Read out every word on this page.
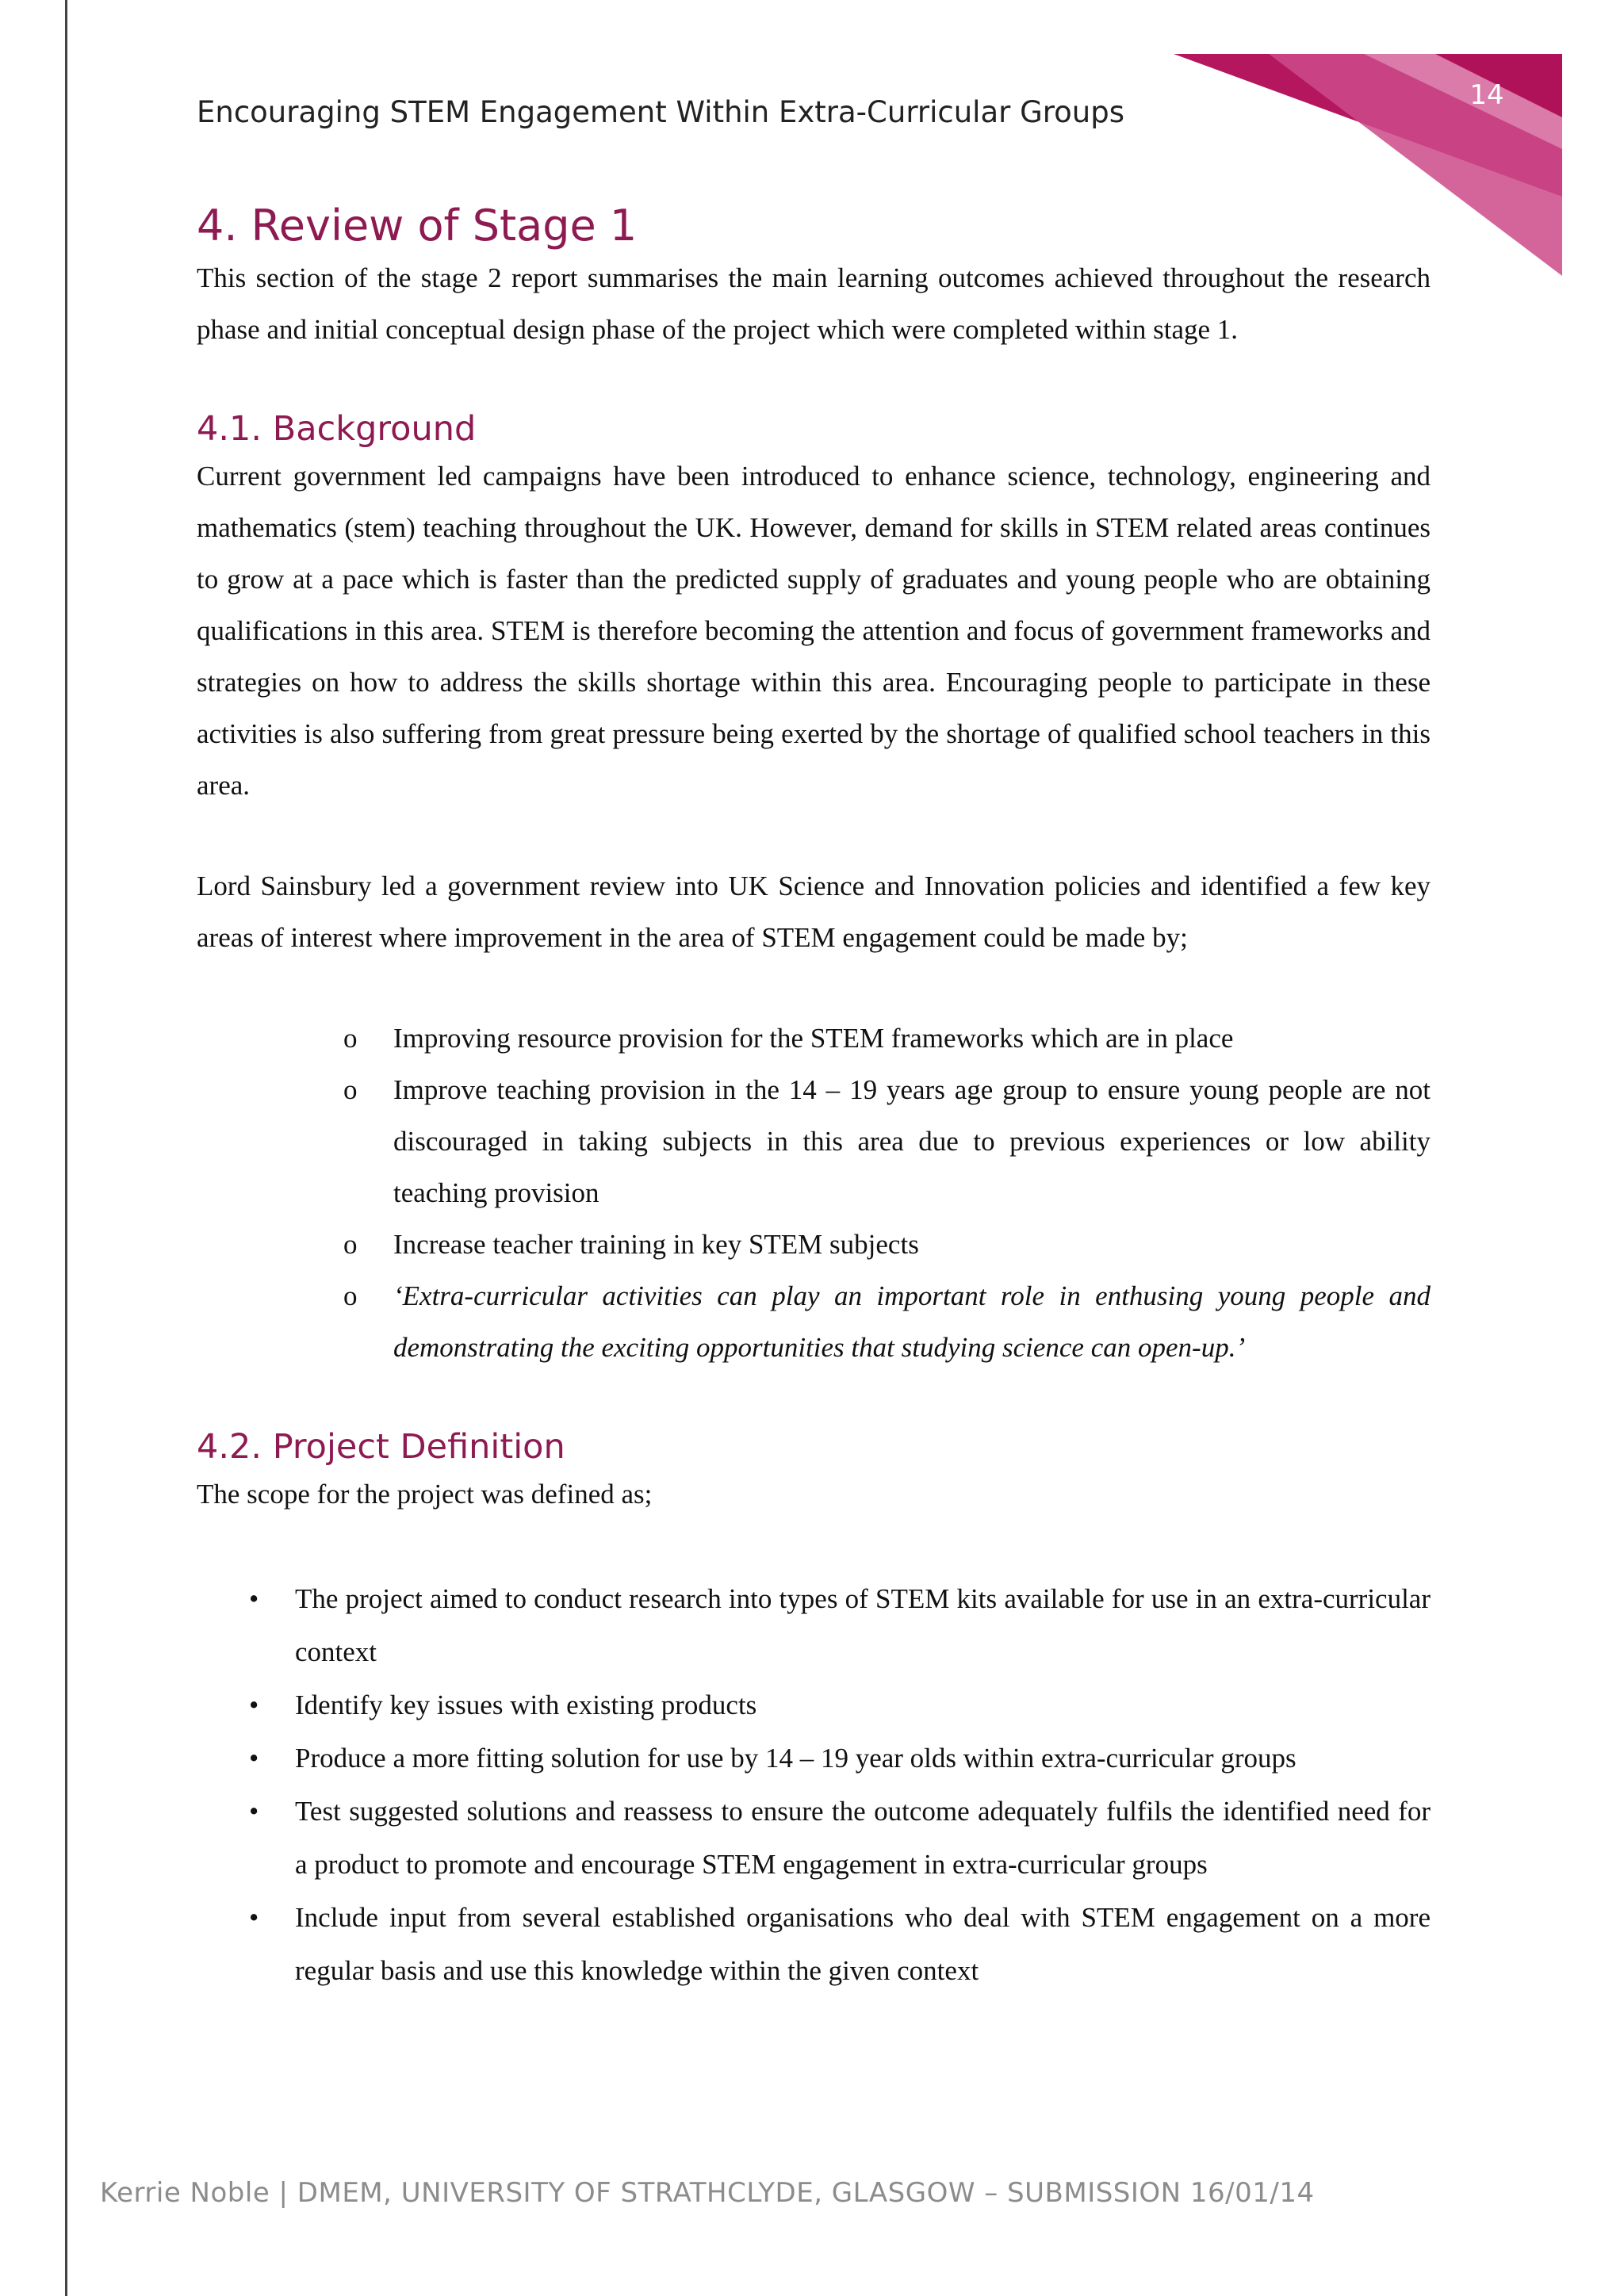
14
Encouraging STEM Engagement Within Extra-Curricular Groups
4. Review of Stage 1

This section of the stage 2 report summarises the main learning outcomes achieved throughout the research phase and initial conceptual design phase of the project which were completed within stage 1.

4.1. Background

Current government led campaigns have been introduced to enhance science, technology, engineering and mathematics (stem) teaching throughout the UK. However, demand for skills in STEM related areas continues to grow at a pace which is faster than the predicted supply of graduates and young people who are obtaining qualifications in this area. STEM is therefore becoming the attention and focus of government frameworks and strategies on how to address the skills shortage within this area. Encouraging people to participate in these activities is also suffering from great pressure being exerted by the shortage of qualified school teachers in this area.

Lord Sainsbury led a government review into UK Science and Innovation policies and identified a few key areas of interest where improvement in the area of STEM engagement could be made by;

o Improving resource provision for the STEM frameworks which are in place
o Improve teaching provision in the 14 – 19 years age group to ensure young people are not discouraged in taking subjects in this area due to previous experiences or low ability teaching provision
o Increase teacher training in key STEM subjects
o ‘Extra-curricular activities can play an important role in enthusing young people and demonstrating the exciting opportunities that studying science can open-up.’
4.2. Project Definition

The scope for the project was defined as;

• The project aimed to conduct research into types of STEM kits available for use in an extra-curricular context
• Identify key issues with existing products
• Produce a more fitting solution for use by 14 – 19 year olds within extra-curricular groups
• Test suggested solutions and reassess to ensure the outcome adequately fulfils the identified need for a product to promote and encourage STEM engagement in extra-curricular groups
• Include input from several established organisations who deal with STEM engagement on a more regular basis and use this knowledge within the given context
Kerrie Noble | DMEM, UNIVERSITY OF STRATHCLYDE, GLASGOW – SUBMISSION 16/01/14
